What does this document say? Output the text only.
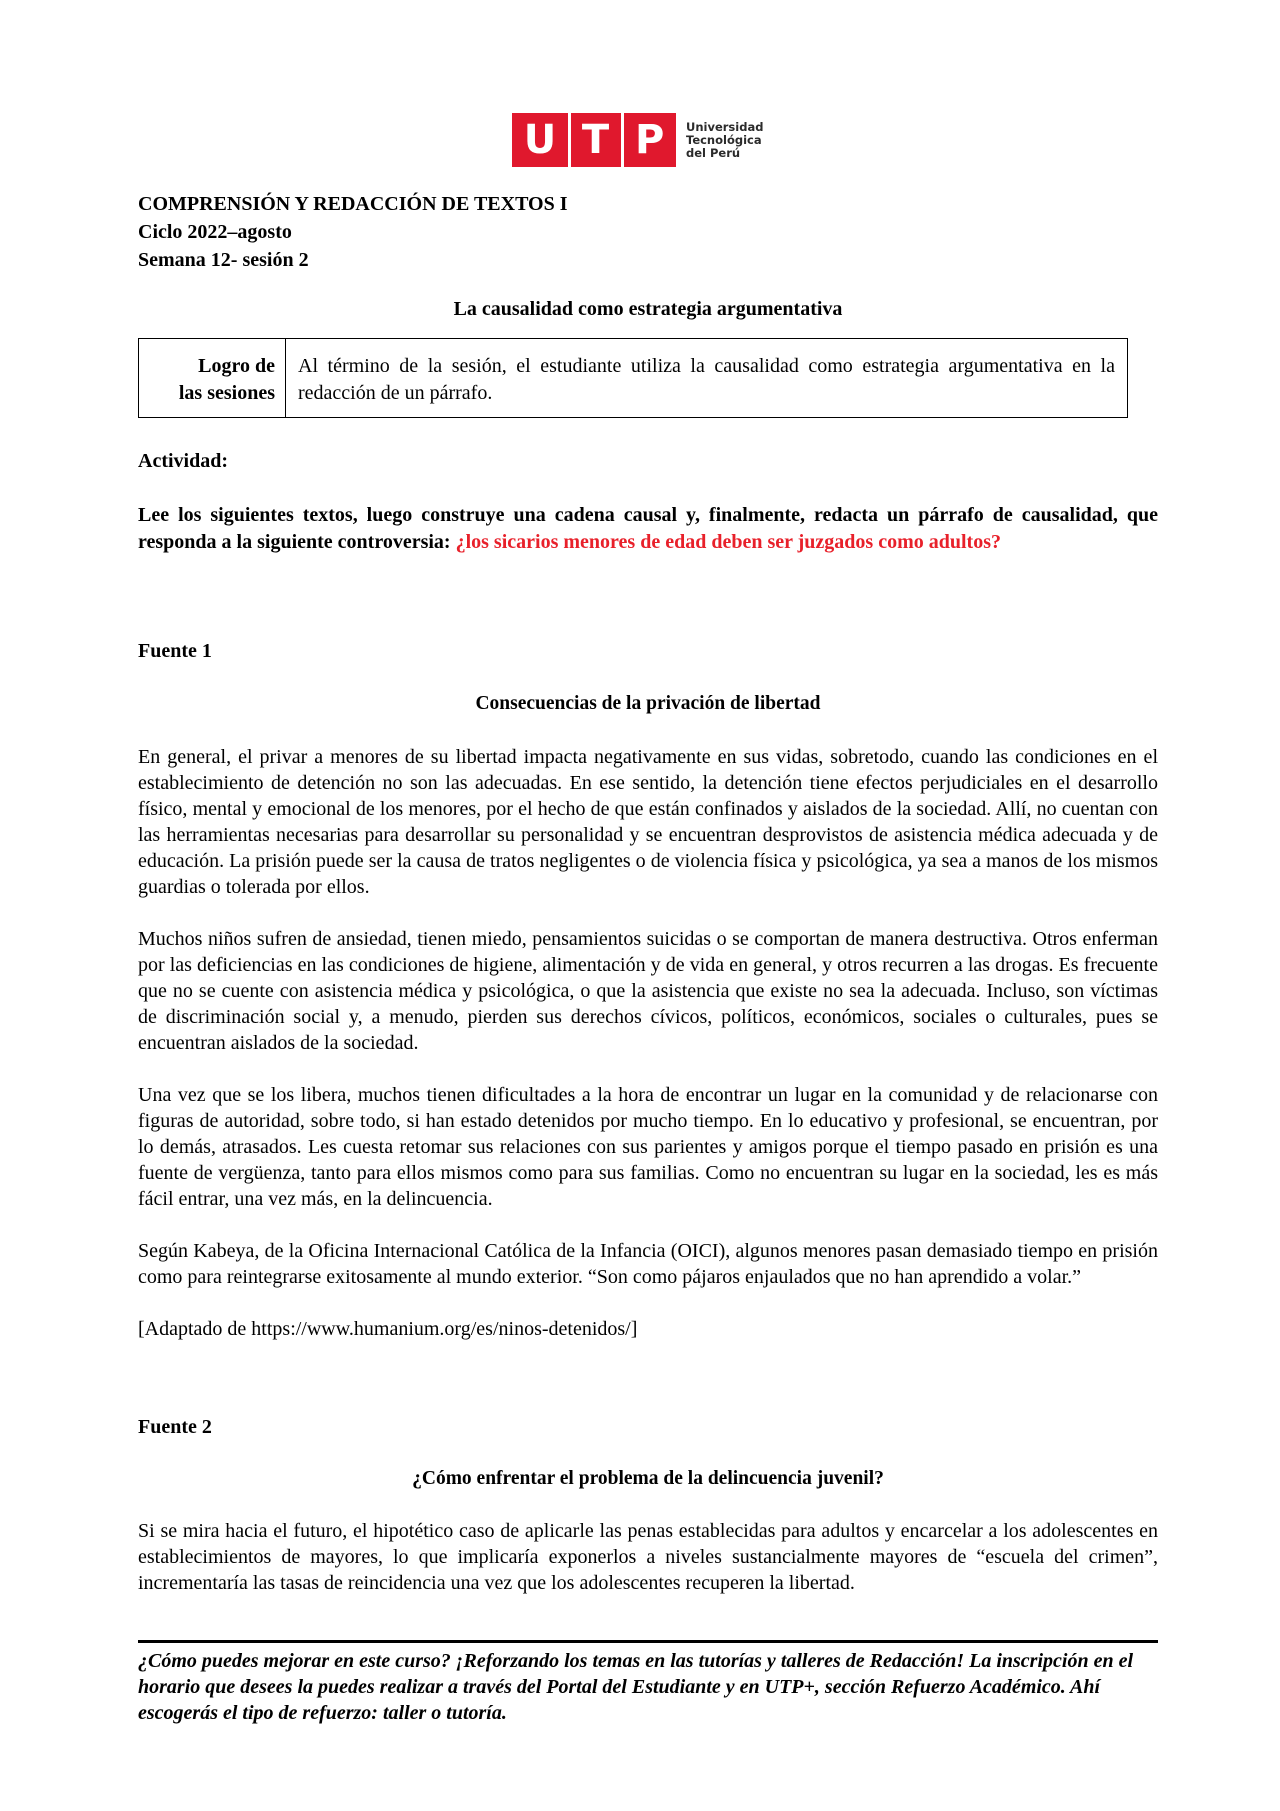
U T P Universidad
Tecnológica
del Perú
COMPRENSIÓN Y REDACCIÓN DE TEXTOS I
Ciclo 2022–agosto
Semana 12- sesión 2
La causalidad como estrategia argumentativa
Logro de
las sesiones
Al término de la sesión, el estudiante utiliza la causalidad como estrategia argumentativa en la redacción de un párrafo.
Actividad:
Lee los siguientes textos, luego construye una cadena causal y, finalmente, redacta un párrafo de causalidad, que responda a la siguiente controversia: ¿los sicarios menores de edad deben ser juzgados como adultos?
Fuente 1
Consecuencias de la privación de libertad
En general, el privar a menores de su libertad impacta negativamente en sus vidas, sobretodo, cuando las condiciones en el establecimiento de detención no son las adecuadas. En ese sentido, la detención tiene efectos perjudiciales en el desarrollo físico, mental y emocional de los menores, por el hecho de que están confinados y aislados de la sociedad. Allí, no cuentan con las herramientas necesarias para desarrollar su personalidad y se encuentran desprovistos de asistencia médica adecuada y de educación. La prisión puede ser la causa de tratos negligentes o de violencia física y psicológica, ya sea a manos de los mismos guardias o tolerada por ellos.
Muchos niños sufren de ansiedad, tienen miedo, pensamientos suicidas o se comportan de manera destructiva. Otros enferman por las deficiencias en las condiciones de higiene, alimentación y de vida en general, y otros recurren a las drogas. Es frecuente que no se cuente con asistencia médica y psicológica, o que la asistencia que existe no sea la adecuada. Incluso, son víctimas de discriminación social y, a menudo, pierden sus derechos cívicos, políticos, económicos, sociales o culturales, pues se encuentran aislados de la sociedad.
Una vez que se los libera, muchos tienen dificultades a la hora de encontrar un lugar en la comunidad y de relacionarse con figuras de autoridad, sobre todo, si han estado detenidos por mucho tiempo. En lo educativo y profesional, se encuentran, por lo demás, atrasados. Les cuesta retomar sus relaciones con sus parientes y amigos porque el tiempo pasado en prisión es una fuente de vergüenza, tanto para ellos mismos como para sus familias. Como no encuentran su lugar en la sociedad, les es más fácil entrar, una vez más, en la delincuencia.
Según Kabeya, de la Oficina Internacional Católica de la Infancia (OICI), algunos menores pasan demasiado tiempo en prisión como para reintegrarse exitosamente al mundo exterior. “Son como pájaros enjaulados que no han aprendido a volar.”
[Adaptado de https://www.humanium.org/es/ninos-detenidos/]
Fuente 2
¿Cómo enfrentar el problema de la delincuencia juvenil?
Si se mira hacia el futuro, el hipotético caso de aplicarle las penas establecidas para adultos y encarcelar a los adolescentes en establecimientos de mayores, lo que implicaría exponerlos a niveles sustancialmente mayores de “escuela del crimen”, incrementaría las tasas de reincidencia una vez que los adolescentes recuperen la libertad.
¿Cómo puedes mejorar en este curso? ¡Reforzando los temas en las tutorías y talleres de Redacción! La inscripción en el horario que desees la puedes realizar a través del Portal del Estudiante y en UTP+, sección Refuerzo Académico. Ahí escogerás el tipo de refuerzo: taller o tutoría.
